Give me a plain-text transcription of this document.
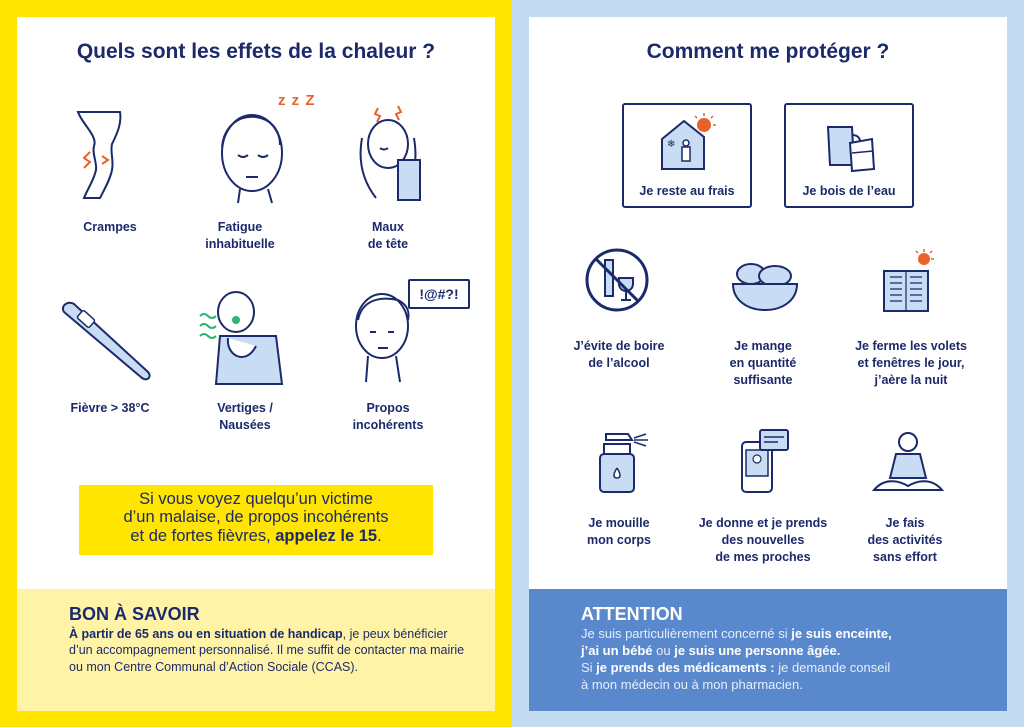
Quels sont les effets de la chaleur ?
Crampes
z z Z
Fatigue
inhabituelle
Maux
de tête
Fièvre > 38°C	Vertiges /
Nausées
!@#?!
Propos
incohérents
Si vous voyez quelqu’un victime
d’un malaise, de propos incohérents
et de fortes fièvres, appelez le 15.
BON À SAVOIR
À partir de 65 ans ou en situation de handicap, je peux bénéficier d’un accompagnement personnalisé. Il me suffit de contacter ma mairie ou mon Centre Communal d’Action Sociale (CCAS).
Comment me protéger ?
❄
Je reste au frais	Je bois de l’eau
J’évite de boire
de l’alcool
Je mange
en quantité
suffisante
Je ferme les volets
et fenêtres le jour,
j’aère la nuit
Je mouille
mon corps
Je donne et je prends
des nouvelles
de mes proches
Je fais
des activités
sans effort
ATTENTION
Je suis particulièrement concerné si je suis enceinte,
j’ai un bébé ou je suis une personne âgée.
Si je prends des médicaments : je demande conseil
à mon médecin ou à mon pharmacien.
